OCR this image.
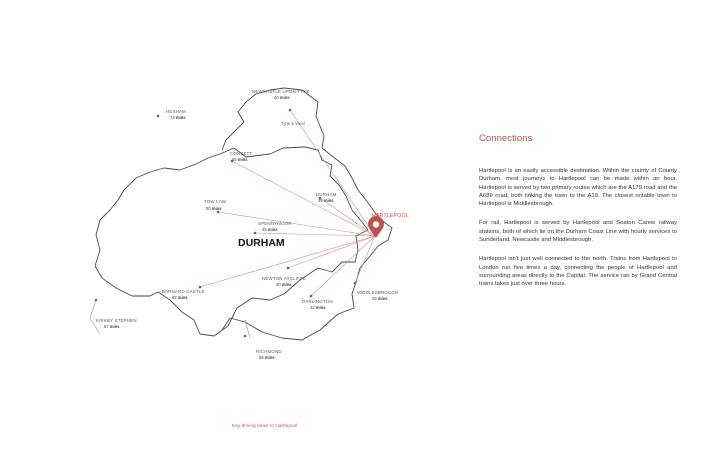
NEWCASTLE UPON TYNE
40 mins
HEXHAM
74 mins
CONSETT
55 mins
DURHAM
35 mins
TOW LAW
50 mins
SPENNYMOOR
35 mins
NEWTON AYCLIFFE
40 mins
DARLINGTON
42 mins
BARNARD CASTLE
62 mins
MIDDLESBROUGH
26 mins
KIRKBY STEPHEN
87 mins
RICHMOND
55 mins
Tyne & Wear
DURHAM
HARTLEPOOL
Key driving times to Hartlepool
Connections

Hartlepool is an easily accessible destination. Within the county of County Durham, most journeys to Hartlepool can be made within an hour. Hartlepool is served by two primary routes which are the A179 road and the A689 road, both linking the town to the A19. The closest notable town to Hartlepool is Middlesbrough.

For rail, Hartlepool is served by Hartlepool and Seaton Carew railway stations, both of which lie on the Durham Coast Line with hourly services to Sunderland, Newcastle and Middlesbrough.

Hartlepool isn't just well connected to the north. Trains from Hartlepool to London run five times a day, connecting the people of Hartlepool and surrounding areas directly to the Capital. The service ran by Grand Central trains takes just over three hours.
